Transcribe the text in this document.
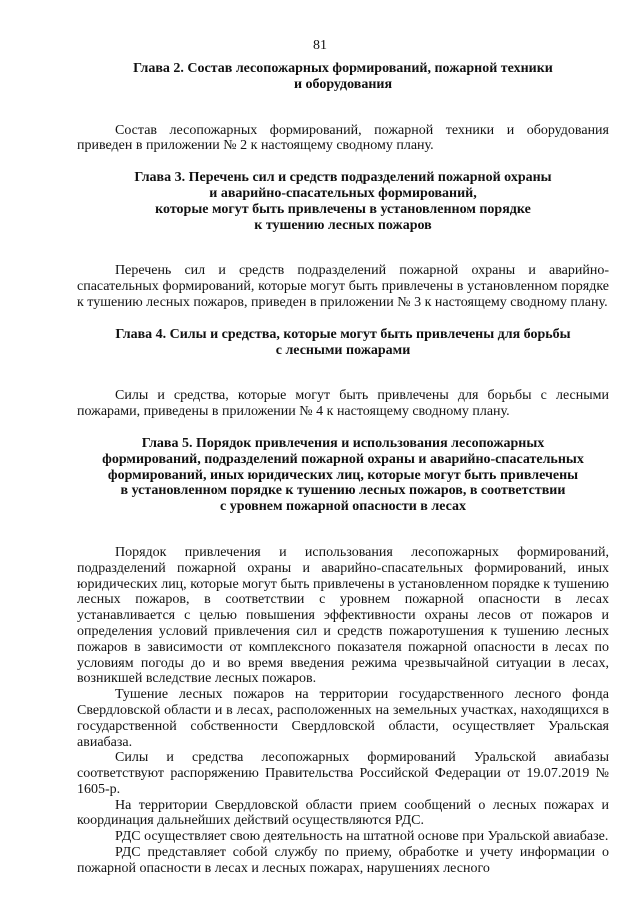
81
Глава 2. Состав лесопожарных формирований, пожарной техники
и оборудования

Состав лесопожарных формирований, пожарной техники и оборудования приведен в приложении № 2 к настоящему сводному плану.

Глава 3. Перечень сил и средств подразделений пожарной охраны
и аварийно-спасательных формирований,
которые могут быть привлечены в установленном порядке
к тушению лесных пожаров

Перечень сил и средств подразделений пожарной охраны и аварийно-спасательных формирований, которые могут быть привлечены в установленном порядке к тушению лесных пожаров, приведен в приложении № 3 к настоящему сводному плану.

Глава 4. Силы и средства, которые могут быть привлечены для борьбы
с лесными пожарами

Силы и средства, которые могут быть привлечены для борьбы с лесными пожарами, приведены в приложении № 4 к настоящему сводному плану.

Глава 5. Порядок привлечения и использования лесопожарных
формирований, подразделений пожарной охраны и аварийно-спасательных
формирований, иных юридических лиц, которые могут быть привлечены
в установленном порядке к тушению лесных пожаров, в соответствии
с уровнем пожарной опасности в лесах

Порядок привлечения и использования лесопожарных формирований, подразделений пожарной охраны и аварийно-спасательных формирований, иных юридических лиц, которые могут быть привлечены в установленном порядке к тушению лесных пожаров, в соответствии с уровнем пожарной опасности в лесах устанавливается с целью повышения эффективности охраны лесов от пожаров и определения условий привлечения сил и средств пожаротушения к тушению лесных пожаров в зависимости от комплексного показателя пожарной опасности в лесах по условиям погоды до и во время введения режима чрезвычайной ситуации в лесах, возникшей вследствие лесных пожаров.

Тушение лесных пожаров на территории государственного лесного фонда Свердловской области и в лесах, расположенных на земельных участках, находящихся в государственной собственности Свердловской области, осуществляет Уральская авиабаза.

Силы и средства лесопожарных формирований Уральской авиабазы соответствуют распоряжению Правительства Российской Федерации от 19.07.2019 № 1605-р.

На территории Свердловской области прием сообщений о лесных пожарах и координация дальнейших действий осуществляются РДС.

РДС осуществляет свою деятельность на штатной основе при Уральской авиабазе.

РДС представляет собой службу по приему, обработке и учету информации о пожарной опасности в лесах и лесных пожарах, нарушениях лесного
